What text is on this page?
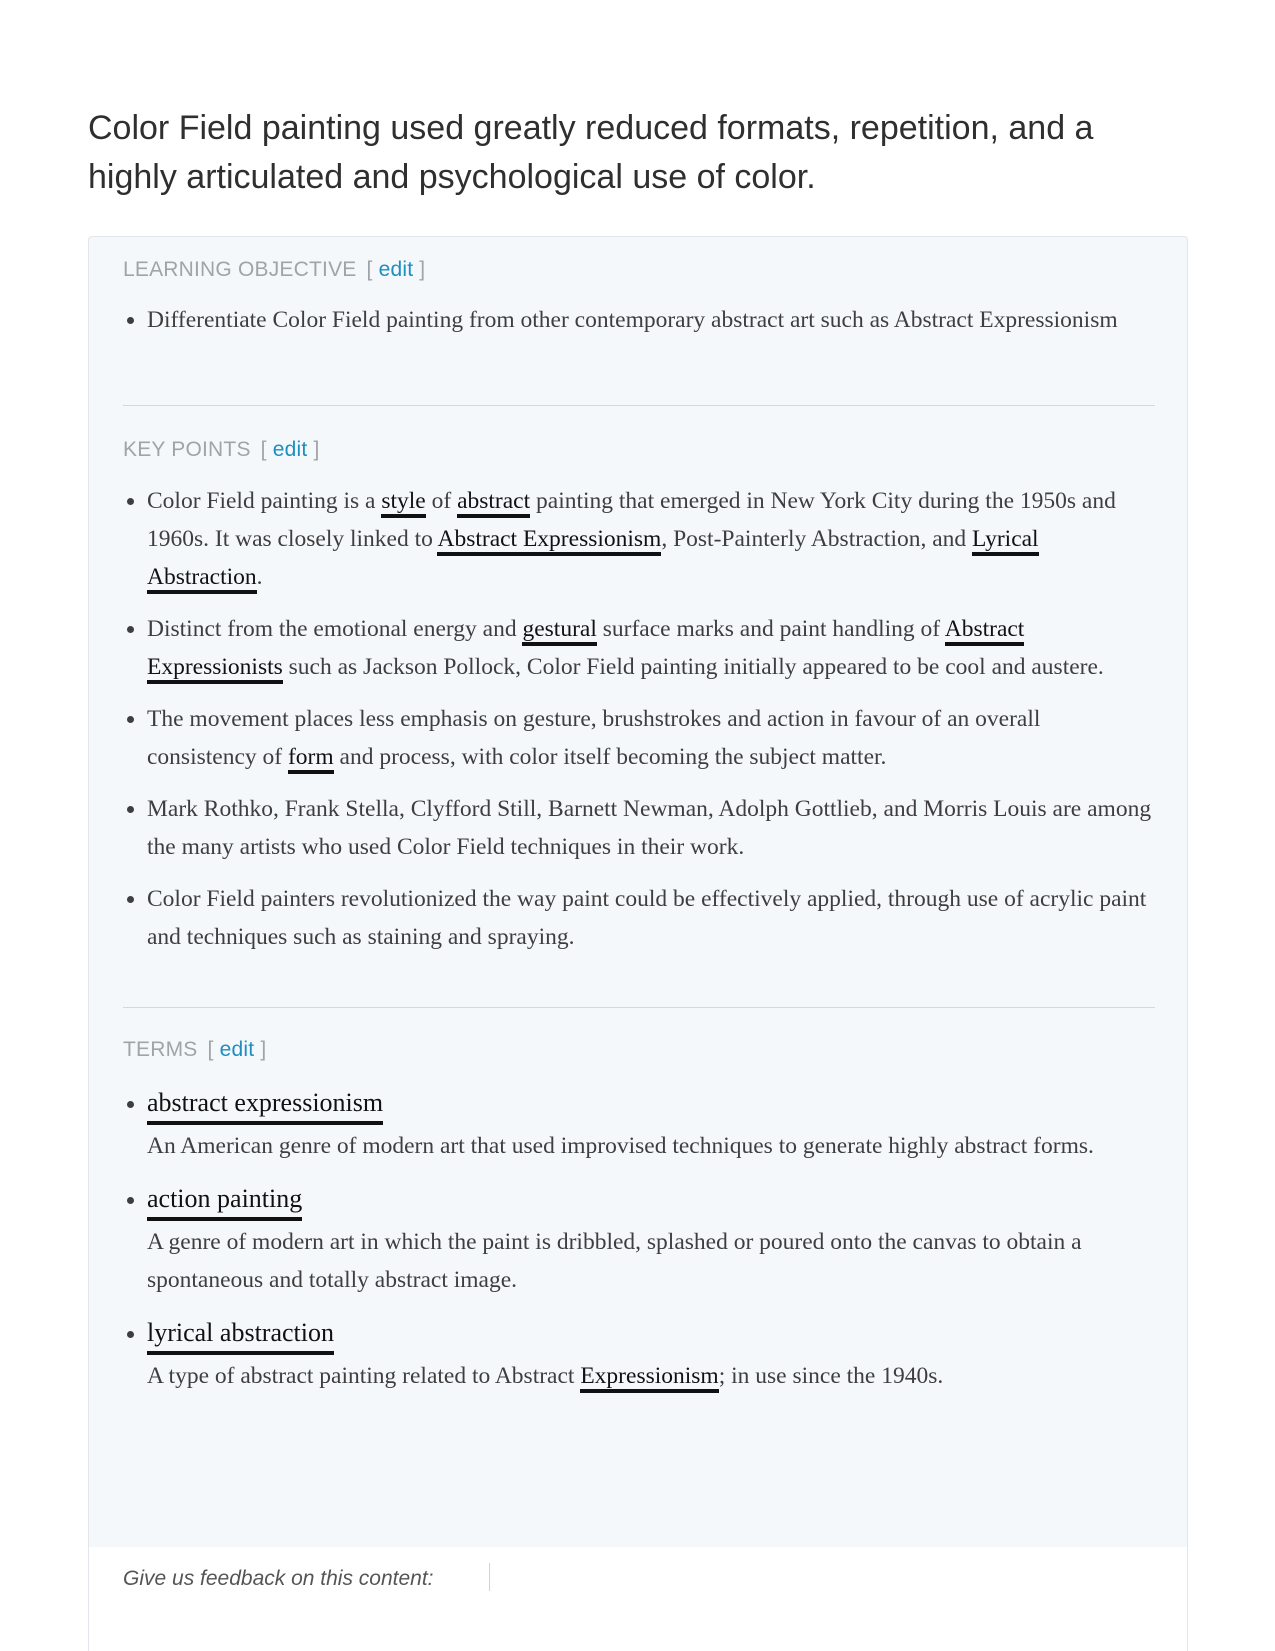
Color Field painting used greatly reduced formats, repetition, and a highly articulated and psychological use of color.
LEARNING OBJECTIVE [ edit ]
• Differentiate Color Field painting from other contemporary abstract art such as Abstract Expressionism
KEY POINTS [ edit ]
• Color Field painting is a style of abstract painting that emerged in New York City during the 1950s and 1960s. It was closely linked to Abstract Expressionism, Post-Painterly Abstraction, and Lyrical Abstraction.
• Distinct from the emotional energy and gestural surface marks and paint handling of Abstract Expressionists such as Jackson Pollock, Color Field painting initially appeared to be cool and austere.
• The movement places less emphasis on gesture, brushstrokes and action in favour of an overall consistency of form and process, with color itself becoming the subject matter.
• Mark Rothko, Frank Stella, Clyfford Still, Barnett Newman, Adolph Gottlieb, and Morris Louis are among the many artists who used Color Field techniques in their work.
• Color Field painters revolutionized the way paint could be effectively applied, through use of acrylic paint and techniques such as staining and spraying.
TERMS [ edit ]
• abstract expressionism
An American genre of modern art that used improvised techniques to generate highly abstract forms.
• action painting
A genre of modern art in which the paint is dribbled, splashed or poured onto the canvas to obtain a spontaneous and totally abstract image.
• lyrical abstraction
A type of abstract painting related to Abstract Expressionism; in use since the 1940s.
Give us feedback on this content:
